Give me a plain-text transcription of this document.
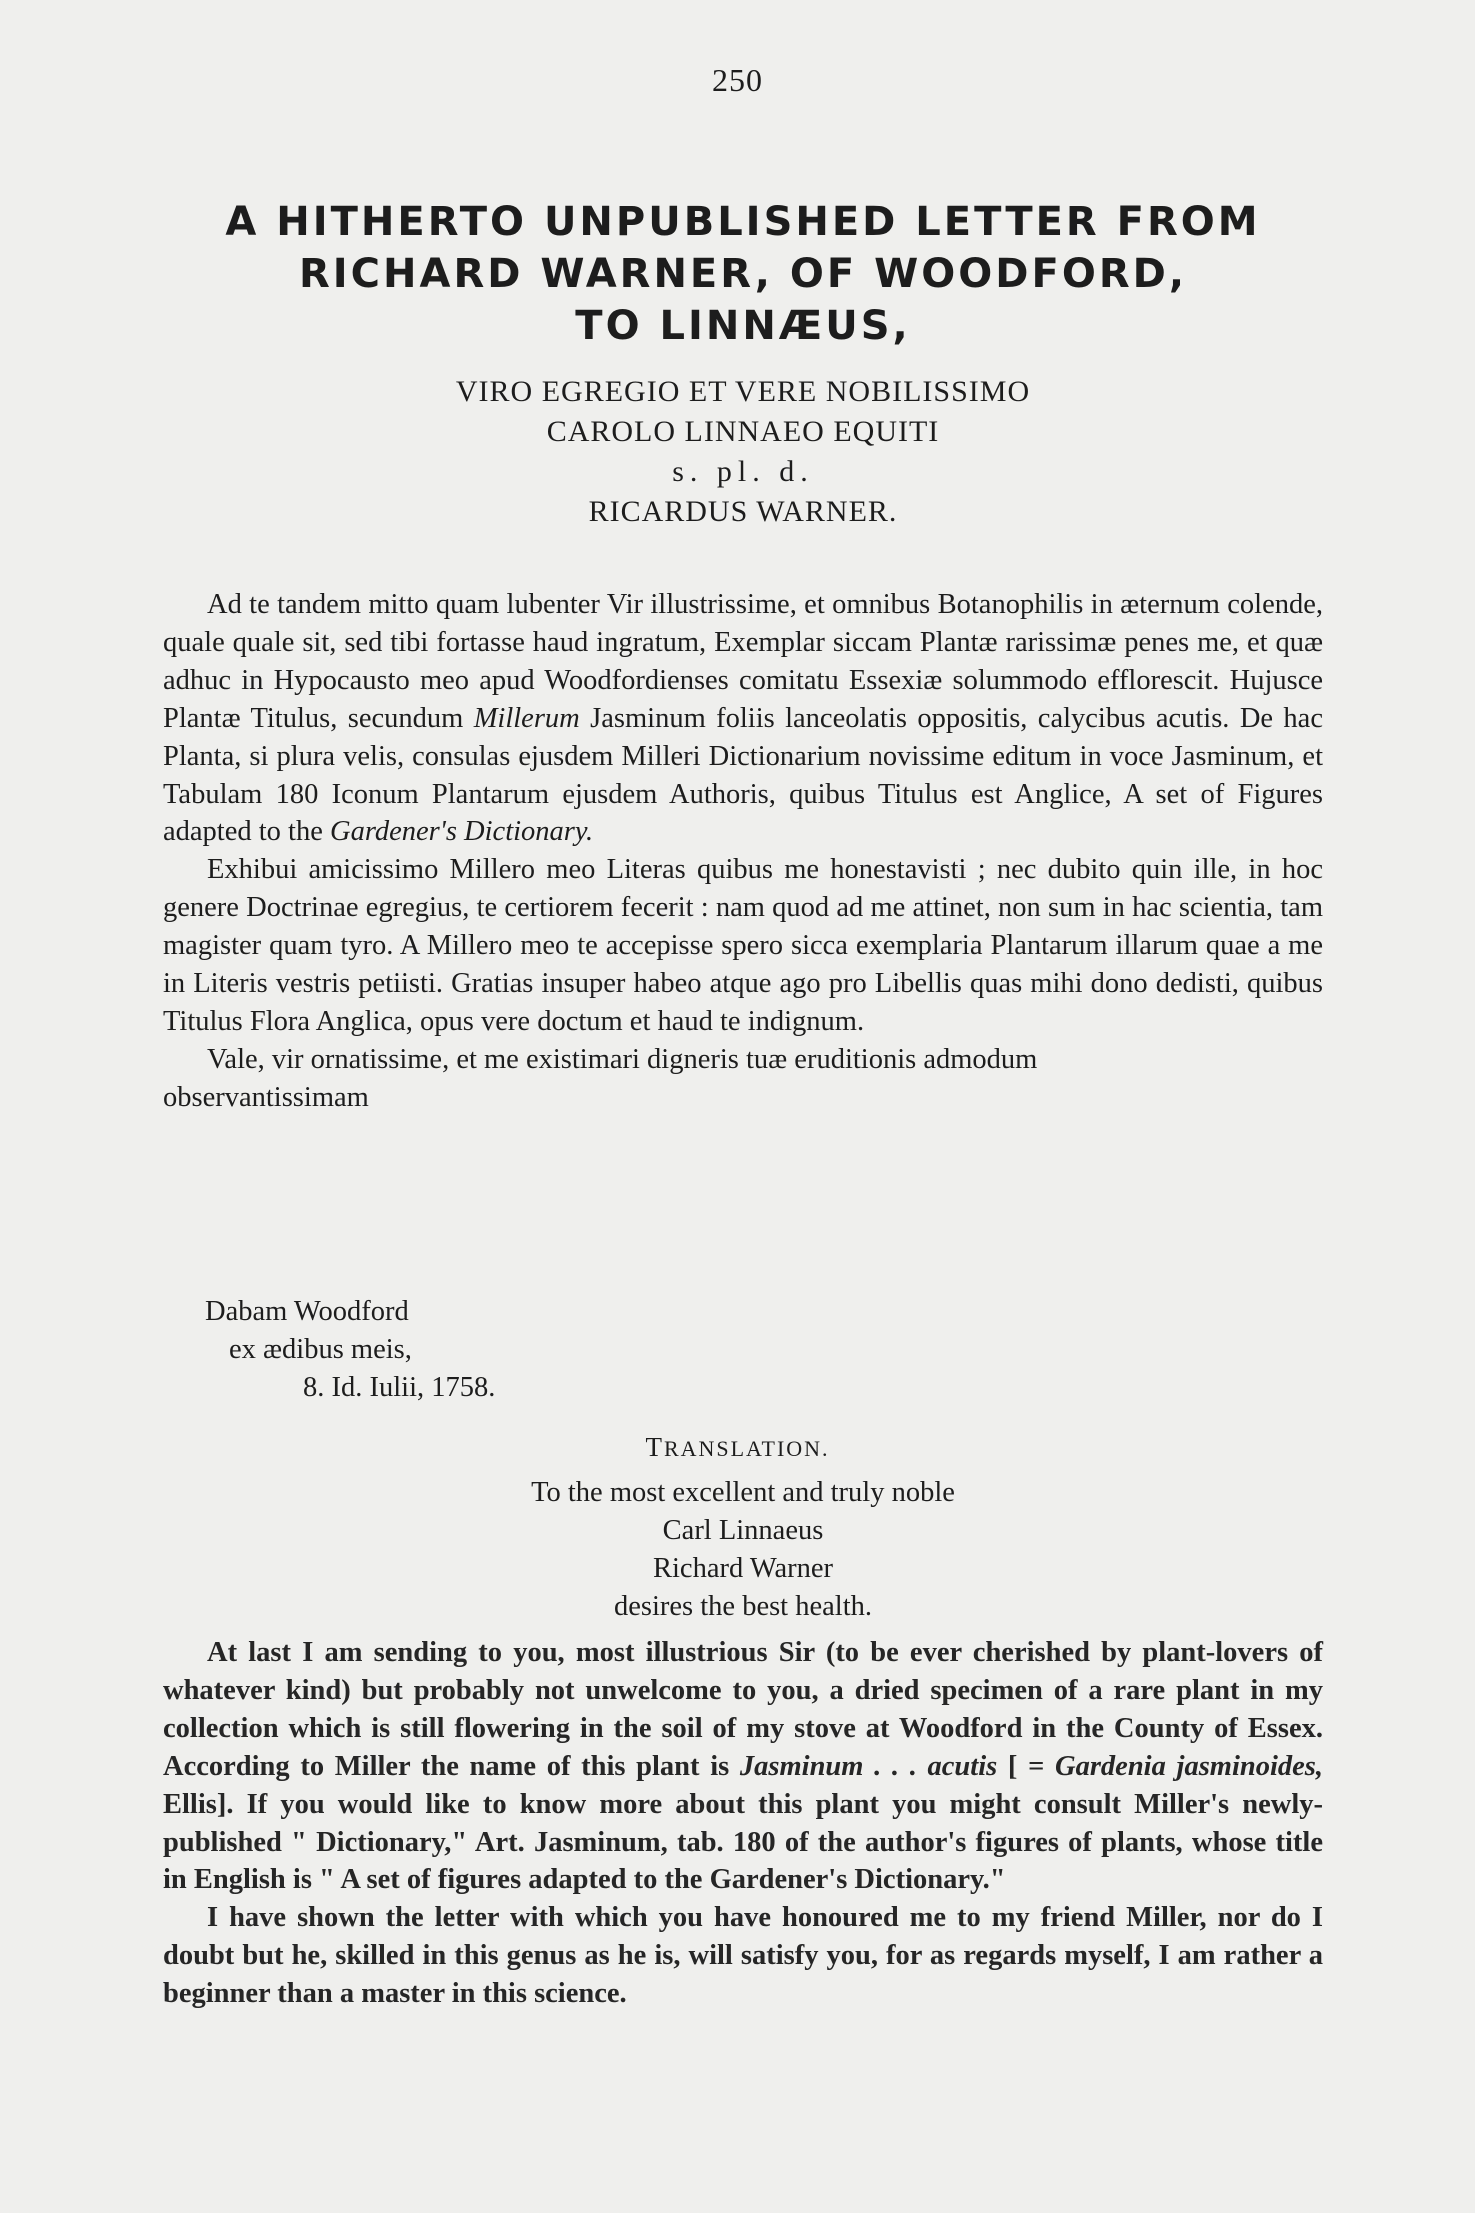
250
A HITHERTO UNPUBLISHED LETTER FROM
RICHARD WARNER, OF WOODFORD,
TO LINNÆUS,
VIRO EGREGIO ET VERE NOBILISSIMO
CAROLO LINNAEO EQUITI
s. pl. d.
RICARDUS WARNER.

Ad te tandem mitto quam lubenter Vir illustrissime, et omnibus Botanophilis in æternum colende, quale quale sit, sed tibi fortasse haud ingratum, Exemplar siccam Plantæ rarissimæ penes me, et quæ adhuc in Hypocausto meo apud Woodfordienses comitatu Essexiæ solummodo efflorescit. Hujusce Plantæ Titulus, secundum Millerum Jasminum foliis lanceolatis oppositis, calycibus acutis. De hac Planta, si plura velis, consulas ejusdem Milleri Dictionarium novissime editum in voce Jasminum, et Tabulam 180 Iconum Plantarum ejusdem Authoris, quibus Titulus est Anglice, A set of Figures adapted to the Gardener's Dictionary.

Exhibui amicissimo Millero meo Literas quibus me honestavisti ; nec dubito quin ille, in hoc genere Doctrinae egregius, te certiorem fecerit : nam quod ad me attinet, non sum in hac scientia, tam magister quam tyro. A Millero meo te accepisse spero sicca exemplaria Plantarum illarum quae a me in Literis vestris petiisti. Gratias insuper habeo atque ago pro Libellis quas mihi dono dedisti, quibus Titulus Flora Anglica, opus vere doctum et haud te indignum.

Vale, vir ornatissime, et me existimari digneris tuæ eruditionis admodum

observantissimam

Dabam Woodford
ex ædibus meis,
8. Id. Iulii, 1758.
TRANSLATION.
To the most excellent and truly noble
Carl Linnaeus
Richard Warner
desires the best health.

At last I am sending to you, most illustrious Sir (to be ever cherished by plant-lovers of whatever kind) but probably not unwelcome to you, a dried specimen of a rare plant in my collection which is still flowering in the soil of my stove at Woodford in the County of Essex. According to Miller the name of this plant is Jasminum . . . acutis [ = Gardenia jasminoides, Ellis]. If you would like to know more about this plant you might consult Miller's newly-published " Dictionary," Art. Jasminum, tab. 180 of the author's figures of plants, whose title in English is " A set of figures adapted to the Gardener's Dictionary."

I have shown the letter with which you have honoured me to my friend Miller, nor do I doubt but he, skilled in this genus as he is, will satisfy you, for as regards myself, I am rather a beginner than a master in this science.
